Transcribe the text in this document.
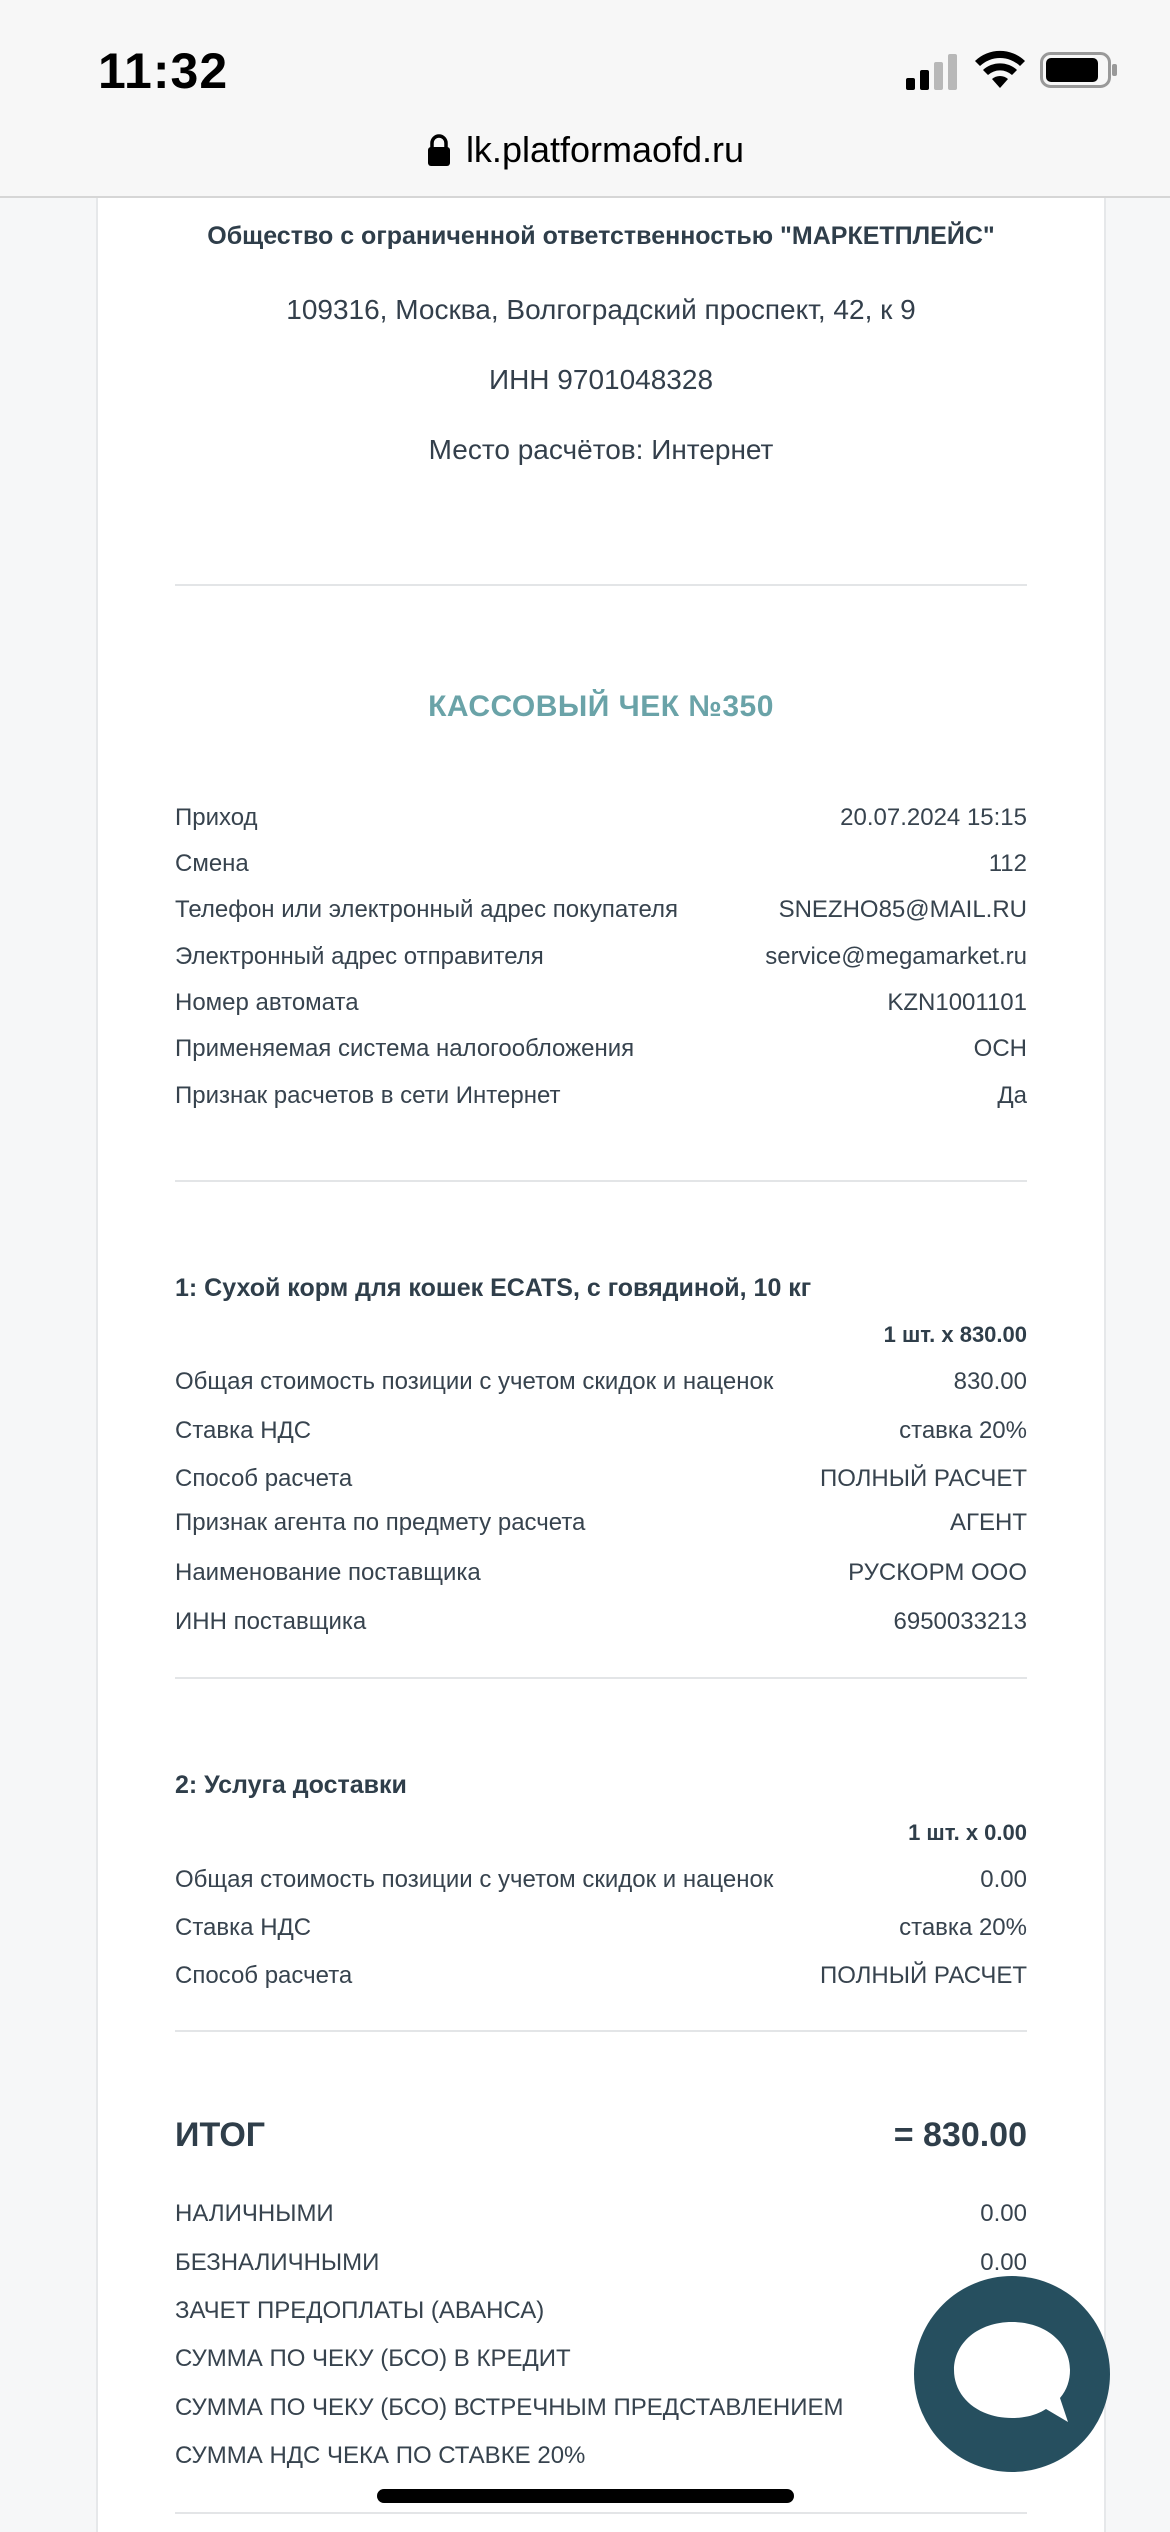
11:32
lk.platformaofd.ru
Общество с ограниченной ответственностью "МАРКЕТПЛЕЙС"
109316, Москва, Волгоградский проспект, 42, к 9
ИНН 9701048328
Место расчётов: Интернет
КАССОВЫЙ ЧЕК №350
Приход	20.07.2024 15:15
Смена	112
Телефон или электронный адрес покупателя	SNEZHO85@MAIL.RU
Электронный адрес отправителя	service@megamarket.ru
Номер автомата	KZN1001101
Применяемая система налогообложения	ОСН
Признак расчетов в сети Интернет	Да
1: Сухой корм для кошек ECATS, с говядиной, 10 кг
1 шт. x 830.00
Общая стоимость позиции с учетом скидок и наценок	830.00
Ставка НДС	ставка 20%
Способ расчета	ПОЛНЫЙ РАСЧЕТ
Признак агента по предмету расчета	АГЕНТ
Наименование поставщика	РУСКОРМ ООО
ИНН поставщика	6950033213
2: Услуга доставки
1 шт. x 0.00
Общая стоимость позиции с учетом скидок и наценок	0.00
Ставка НДС	ставка 20%
Способ расчета	ПОЛНЫЙ РАСЧЕТ
ИТОГ	= 830.00
НАЛИЧНЫМИ	0.00
БЕЗНАЛИЧНЫМИ	0.00
ЗАЧЕТ ПРЕДОПЛАТЫ (АВАНСА)
СУММА ПО ЧЕКУ (БСО) В КРЕДИТ
СУММА ПО ЧЕКУ (БСО) ВСТРЕЧНЫМ ПРЕДСТАВЛЕНИЕМ
СУММА НДС ЧЕКА ПО СТАВКЕ 20%
